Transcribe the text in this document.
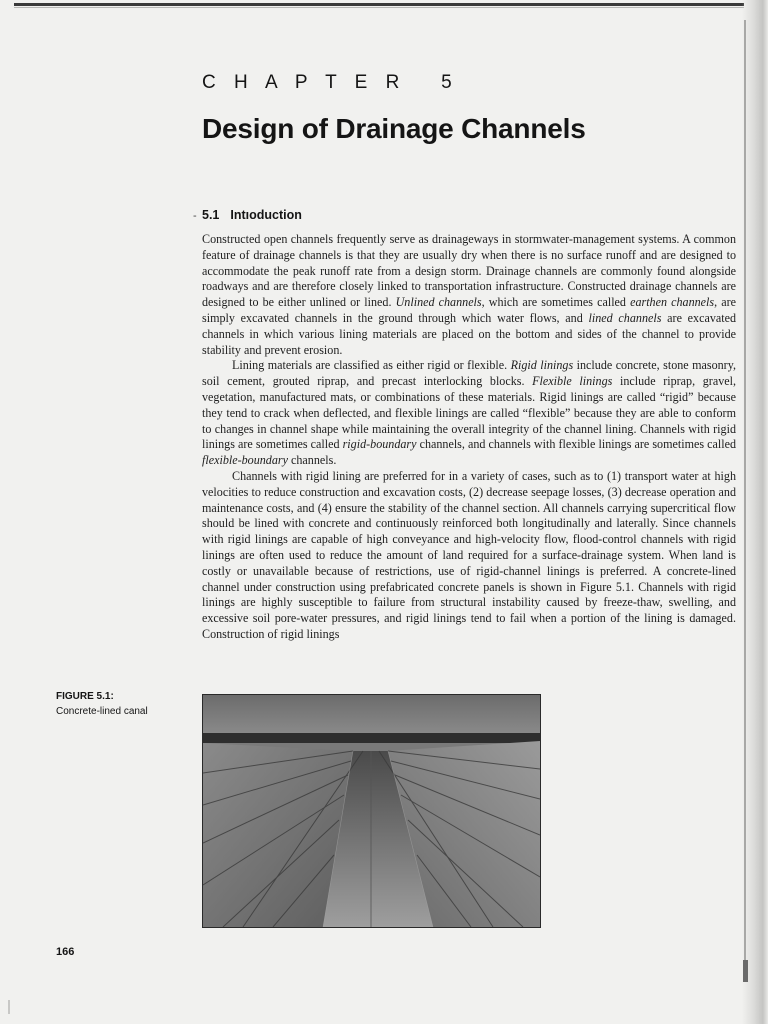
C H A P T E R   5
Design of Drainage Channels
- 5.1 Intıoduction

Constructed open channels frequently serve as drainageways in stormwater-management systems. A common feature of drainage channels is that they are usually dry when there is no surface runoff and are designed to accommodate the peak runoff rate from a design storm. Drainage channels are commonly found alongside roadways and are therefore closely linked to transportation infrastructure. Constructed drainage channels are designed to be either unlined or lined. Unlined channels, which are sometimes called earthen channels, are simply excavated channels in the ground through which water flows, and lined channels are excavated channels in which various lining materials are placed on the bottom and sides of the channel to provide stability and prevent erosion.

Lining materials are classified as either rigid or flexible. Rigid linings include concrete, stone masonry, soil cement, grouted riprap, and precast interlocking blocks. Flexible linings include riprap, gravel, vegetation, manufactured mats, or combinations of these materials. Rigid linings are called “rigid” because they tend to crack when deflected, and flexible linings are called “flexible” because they are able to conform to changes in channel shape while maintaining the overall integrity of the channel lining. Channels with rigid linings are sometimes called rigid-boundary channels, and channels with flexible linings are sometimes called flexible-boundary channels.

Channels with rigid lining are preferred for in a variety of cases, such as to (1) transport water at high velocities to reduce construction and excavation costs, (2) decrease seepage losses, (3) decrease operation and maintenance costs, and (4) ensure the stability of the channel section. All channels carrying supercritical flow should be lined with concrete and continuously reinforced both longitudinally and laterally. Since channels with rigid linings are capable of high conveyance and high-velocity flow, flood-control channels with rigid linings are often used to reduce the amount of land required for a surface-drainage system. When land is costly or unavailable because of restrictions, use of rigid-channel linings is preferred. A concrete-lined channel under construction using prefabricated concrete panels is shown in Figure 5.1. Channels with rigid linings are highly susceptible to failure from structural instability caused by freeze-thaw, swelling, and excessive soil pore-water pressures, and rigid linings tend to fail when a portion of the lining is damaged. Construction of rigid linings

FIGURE 5.1:
Concrete-lined canal
166
